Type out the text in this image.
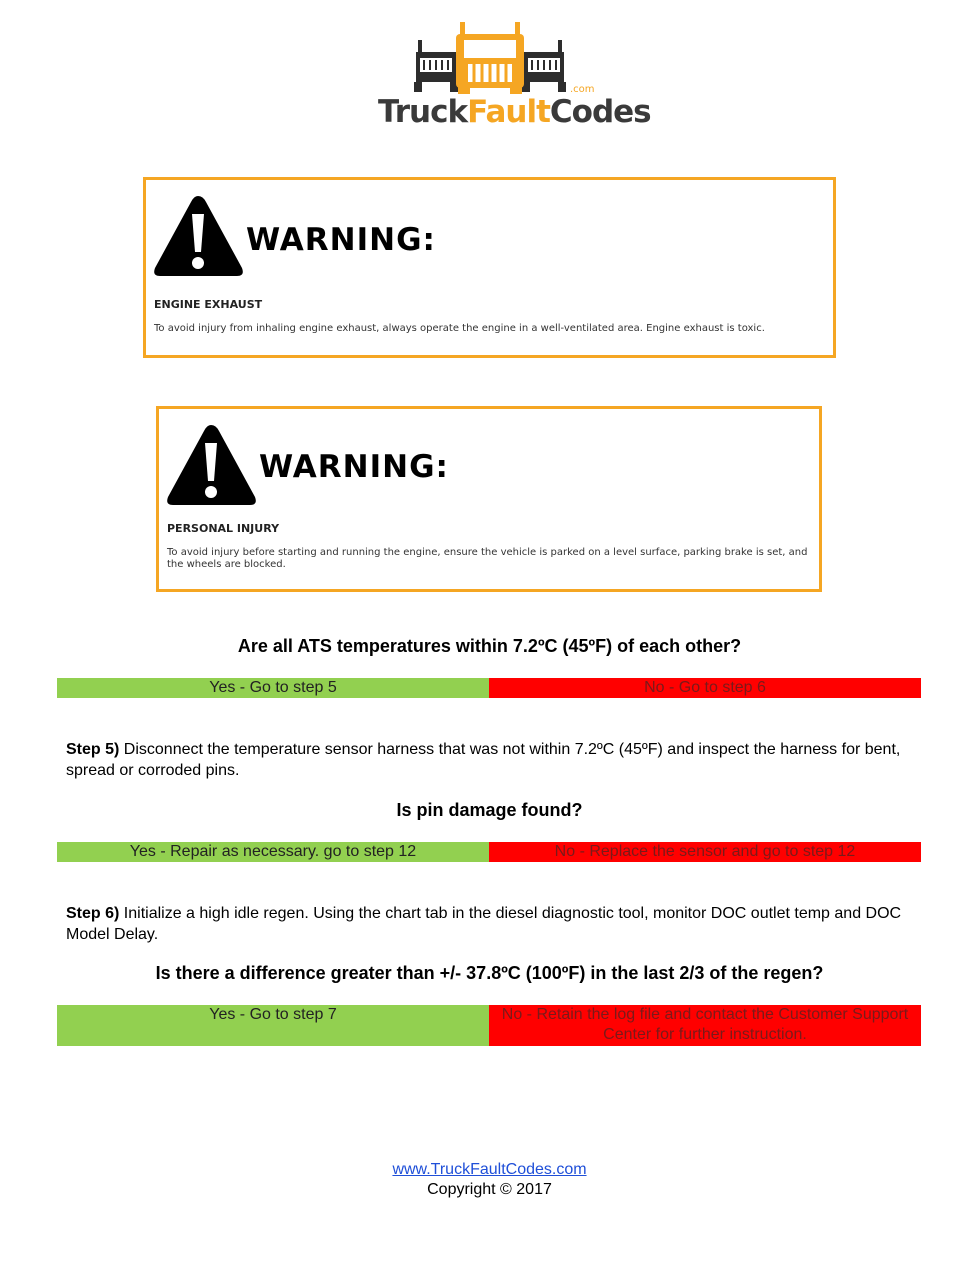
.com
TruckFaultCodes
WARNING:
ENGINE EXHAUST
To avoid injury from inhaling engine exhaust, always operate the engine in a well-ventilated area. Engine exhaust is toxic.
WARNING:
PERSONAL INJURY
To avoid injury before starting and running the engine, ensure the vehicle is parked on a level surface, parking brake is set, and the wheels are blocked.
Are all ATS temperatures within 7.2ºC (45ºF) of each other?
Yes - Go to step 5	No - Go to step 6
Step 5) Disconnect the temperature sensor harness that was not within 7.2ºC (45ºF) and inspect the harness for bent, spread or corroded pins.
Is pin damage found?
Yes - Repair as necessary. go to step 12	No - Replace the sensor and go to step 12
Step 6) Initialize a high idle regen. Using the chart tab in the diesel diagnostic tool, monitor DOC outlet temp and DOC Model Delay.
Is there a difference greater than +/- 37.8ºC (100ºF) in the last 2/3 of the regen?
Yes - Go to step 7	No - Retain the log file and contact the Customer Support Center for further instruction.
www.TruckFaultCodes.com
Copyright © 2017
